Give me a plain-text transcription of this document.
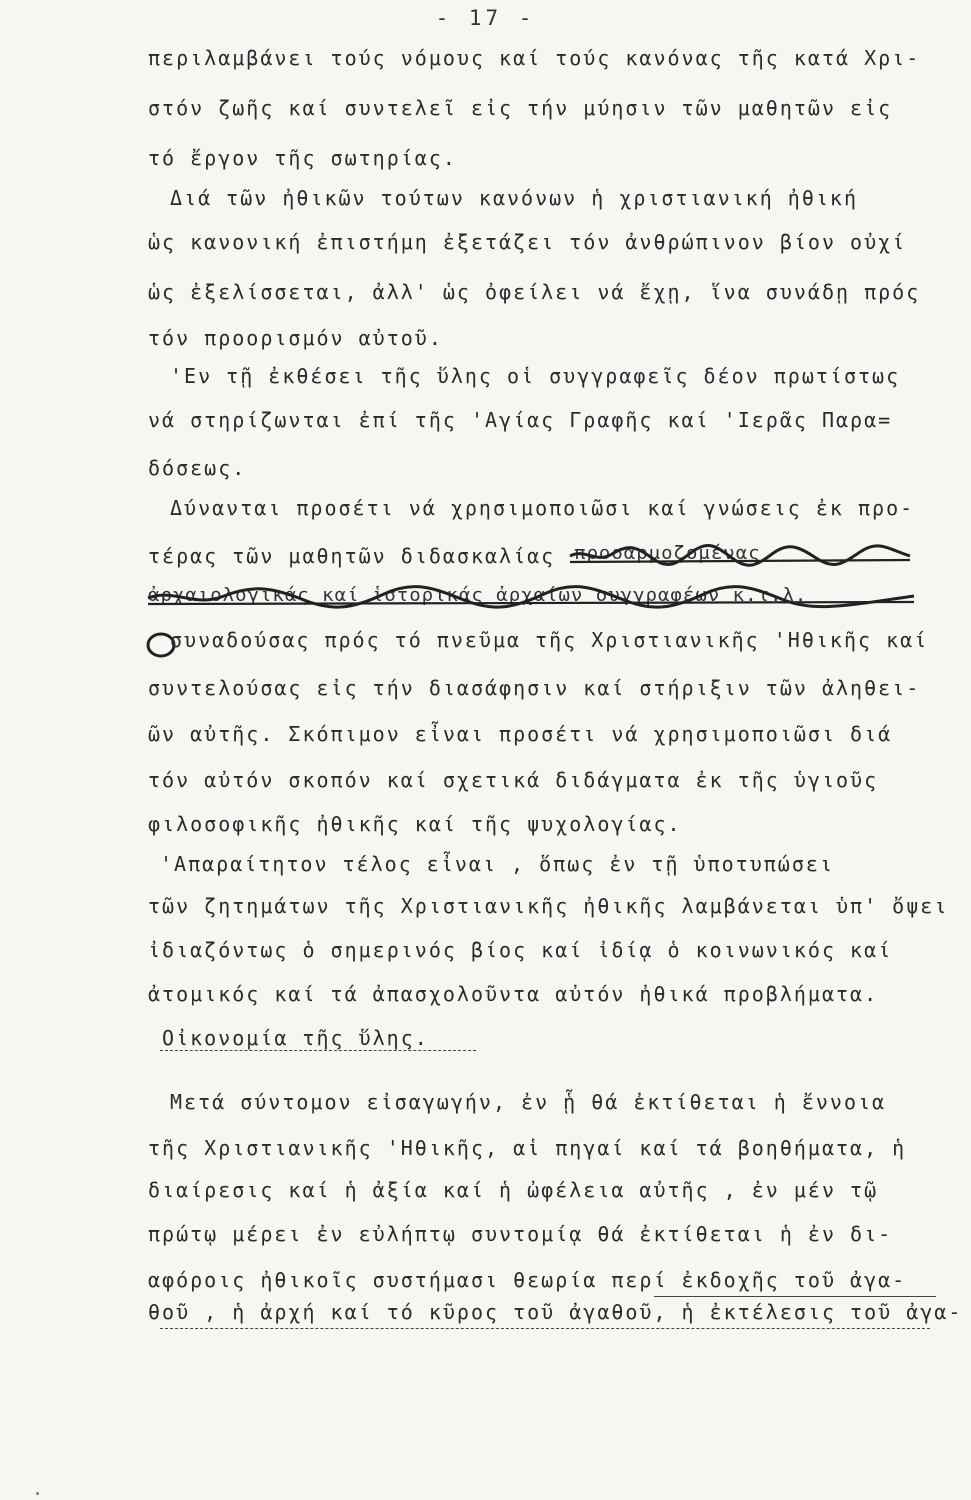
- 17 -
περιλαμβάνει τούς νόμους καί τούς κανόνας τῆς κατά Χρι-
στόν ζωῆς καί συντελεῖ εἰς τήν μύησιν τῶν μαθητῶν εἰς
τό ἔργον τῆς σωτηρίας.
Διά τῶν ἠθικῶν τούτων κανόνων ἡ χριστιανική ἠθική
ὡς κανονική ἐπιστήμη ἐξετάζει τόν ἀνθρώπινον βίον οὐχί
ὡς ἐξελίσσεται, ἀλλ' ὡς ὀφείλει νά ἔχῃ, ἵνα συνάδῃ πρός
τόν προορισμόν αὐτοῦ.
'Εν τῇ ἐκθέσει τῆς ὕλης οἱ συγγραφεῖς δέον πρωτίστως
νά στηρίζωνται ἐπί τῆς 'Αγίας Γραφῆς καί 'Ιερᾶς Παρα=
δόσεως.
Δύνανται προσέτι νά χρησιμοποιῶσι καί γνώσεις ἐκ προ-
τέρας τῶν μαθητῶν διδασκαλίας προσαρμοζομένας
ἀρχαιολογικάς καί ἱστορικάς ἀρχαίων συγγραφέων κ.τ.λ.
συναδούσας πρός τό πνεῦμα τῆς Χριστιανικῆς 'Ηθικῆς καί
συντελούσας εἰς τήν διασάφησιν καί στήριξιν τῶν ἀληθει-
ῶν αὐτῆς. Σκόπιμον εἶναι προσέτι νά χρησιμοποιῶσι διά
τόν αὐτόν σκοπόν καί σχετικά διδάγματα ἐκ τῆς ὑγιοῦς
φιλοσοφικῆς ἠθικῆς καί τῆς ψυχολογίας.
'Απαραίτητον τέλος εἶναι , ὅπως ἐν τῇ ὑποτυπώσει
τῶν ζητημάτων τῆς Χριστιανικῆς ἠθικῆς λαμβάνεται ὑπ' ὄψει
ἰδιαζόντως ὁ σημερινός βίος καί ἰδίᾳ ὁ κοινωνικός καί
ἀτομικός καί τά ἀπασχολοῦντα αὐτόν ἠθικά προβλήματα.
Οἰκονομία τῆς ὕλης.
Μετά σύντομον εἰσαγωγήν, ἐν ᾗ θά ἐκτίθεται ἡ ἔννοια
τῆς Χριστιανικῆς 'Ηθικῆς, αἱ πηγαί καί τά βοηθήματα, ἡ
διαίρεσις καί ἡ ἀξία καί ἡ ὠφέλεια αὐτῆς , ἐν μέν τῷ
πρώτῳ μέρει ἐν εὐλήπτῳ συντομίᾳ θά ἐκτίθεται ἡ ἐν δι-
αφόροις ἠθικοῖς συστήμασι θεωρία περί ἐκδοχῆς τοῦ ἀγα-
θοῦ , ἡ ἀρχή καί τό κῦρος τοῦ ἀγαθοῦ, ἡ ἐκτέλεσις τοῦ ἀγα-
